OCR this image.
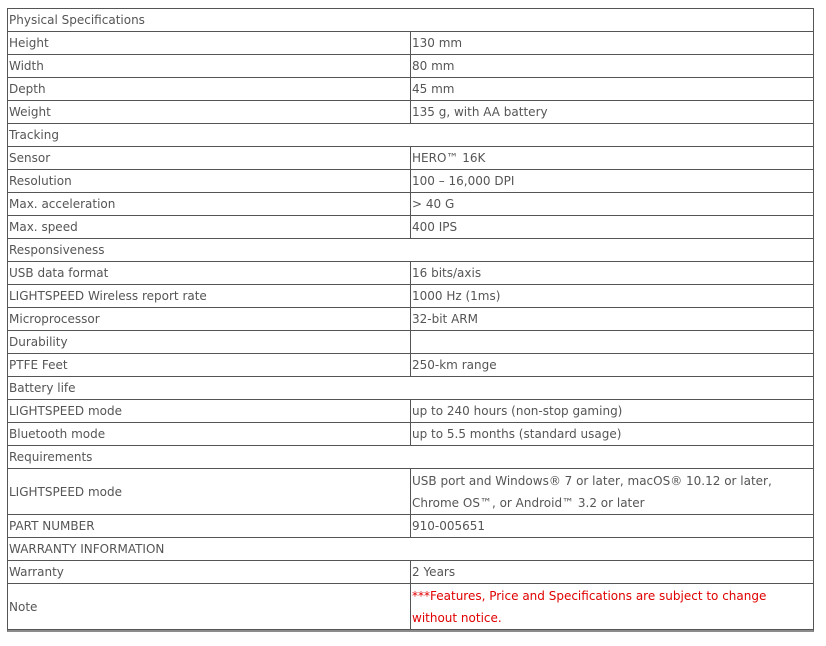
Physical Specifications	
Height	130 mm
Width	80 mm
Depth	45 mm
Weight	135 g, with AA battery
Tracking	
Sensor	HERO™ 16K
Resolution	100 – 16,000 DPI
Max. acceleration	> 40 G
Max. speed	400 IPS
Responsiveness	
USB data format	16 bits/axis
LIGHTSPEED Wireless report rate	1000 Hz (1ms)
Microprocessor	32-bit ARM
Durability	
PTFE Feet	250-km range
Battery life	
LIGHTSPEED mode	up to 240 hours (non-stop gaming)
Bluetooth mode	up to 5.5 months (standard usage)
Requirements	
LIGHTSPEED mode	USB port and Windows® 7 or later, macOS® 10.12 or later, Chrome OS™, or Android™ 3.2 or later
PART NUMBER	910-005651
WARRANTY INFORMATION	
Warranty	2 Years
Note	***Features, Price and Specifications are subject to change without notice.
